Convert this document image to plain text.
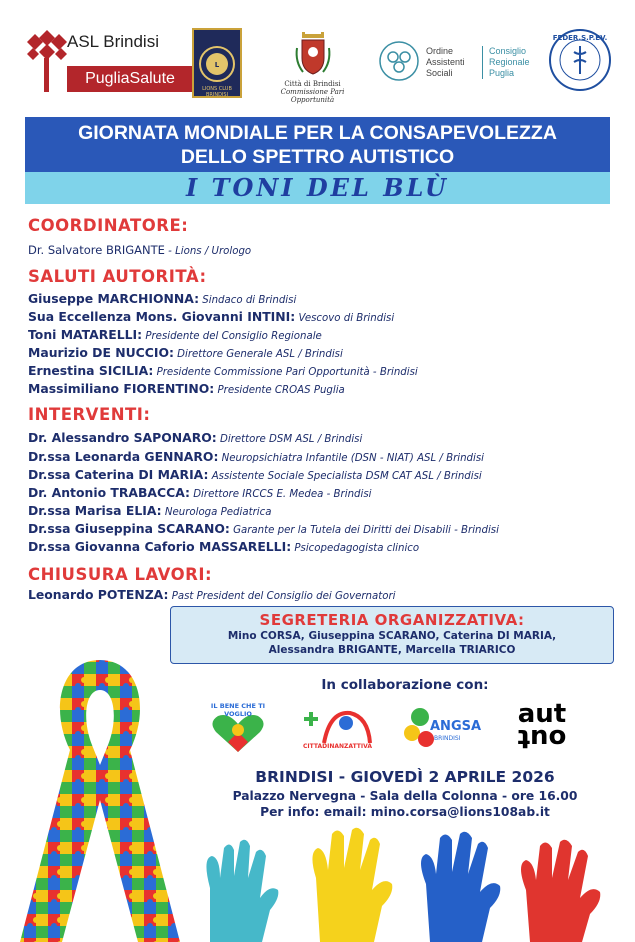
ASL Brindisi
PugliaSalute
L
LIONS CLUB
BRINDISI
Città di Brindisi
Commissione Pari Opportunità
Ordine
Assistenti
Sociali
Consiglio
Regionale
Puglia
FEDER.S.P.EV.
GIORNATA MONDIALE PER LA CONSAPEVOLEZZA
DELLO SPETTRO AUTISTICO
I TONI DEL BLÙ
COORDINATORE:
Dr. Salvatore BRIGANTE - Lions / Urologo
SALUTI AUTORITÀ:
Giuseppe MARCHIONNA: Sindaco di Brindisi
Sua Eccellenza Mons. Giovanni INTINI: Vescovo di Brindisi
Toni MATARELLI: Presidente del Consiglio Regionale
Maurizio DE NUCCIO: Direttore Generale ASL / Brindisi
Ernestina SICILIA: Presidente Commissione Pari Opportunità - Brindisi
Massimiliano FIORENTINO: Presidente CROAS Puglia
INTERVENTI:
Dr. Alessandro SAPONARO: Direttore DSM ASL / Brindisi
Dr.ssa Leonarda GENNARO: Neuropsichiatra Infantile (DSN - NIAT) ASL / Brindisi
Dr.ssa Caterina DI MARIA: Assistente Sociale Specialista DSM CAT ASL / Brindisi
Dr. Antonio TRABACCA: Direttore IRCCS E. Medea - Brindisi
Dr.ssa Marisa ELIA: Neurologa Pediatrica
Dr.ssa Giuseppina SCARANO: Garante per la Tutela dei Diritti dei Disabili - Brindisi
Dr.ssa Giovanna Caforio MASSARELLI: Psicopedagogista clinico
CHIUSURA LAVORI:
Leonardo POTENZA: Past President del Consiglio dei Governatori
SEGRETERIA ORGANIZZATIVA:
Mino CORSA, Giuseppina SCARANO, Caterina DI MARIA,
Alessandra BRIGANTE, Marcella TRIARICO
In collaborazione con:
IL BENE CHE TI VOGLIO
CITTADINANZATTIVA
ANGSA
BRINDISI
aut
out
BRINDISI - GIOVEDÌ 2 APRILE 2026
Palazzo Nervegna - Sala della Colonna - ore 16.00
Per info: email: mino.corsa@lions108ab.it
